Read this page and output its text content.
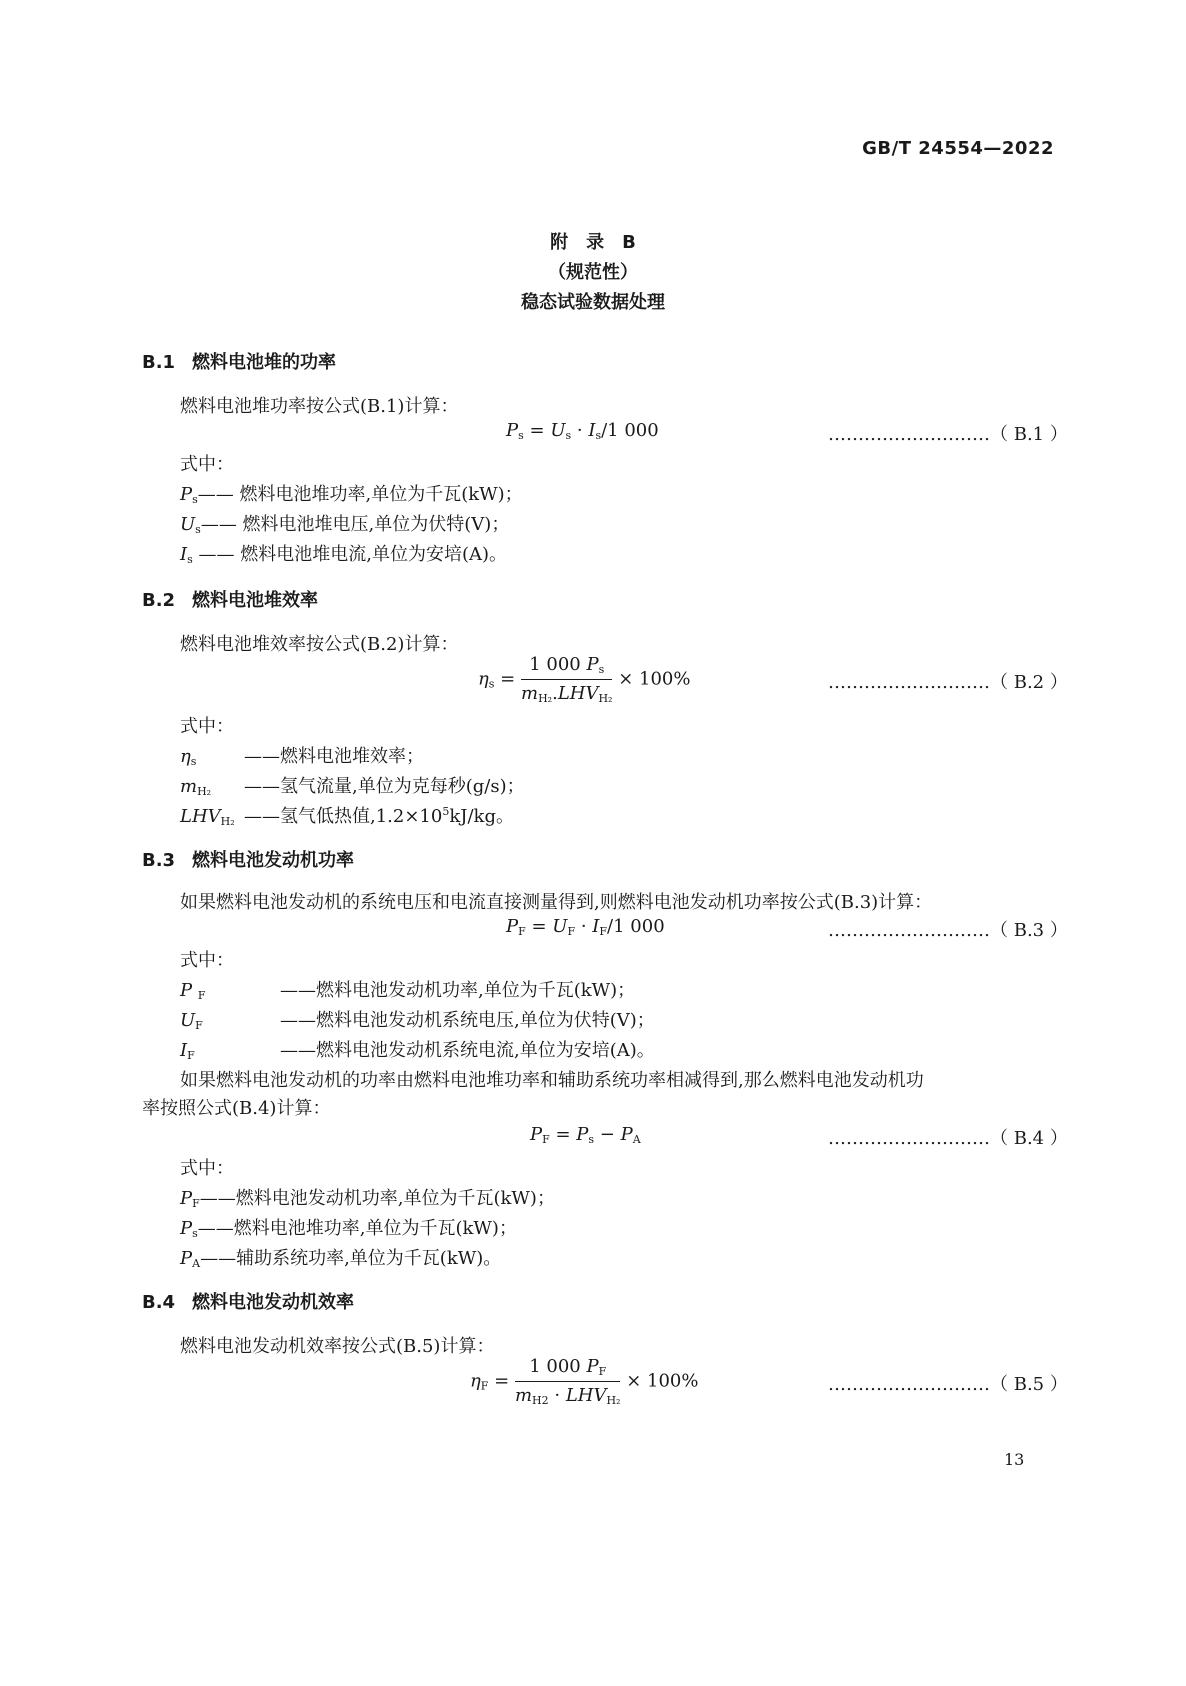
GB/T 24554—2022
附　录　B
（规范性）
稳态试验数据处理
B.1 燃料电池堆的功率
燃料电池堆功率按公式(B.1)计算：
$P_s = U_s \cdot I_s/1$ 000	………………………（ B.1 ）
式中：
$P_s——$ 燃料电池堆功率,单位为千瓦(kW)；
$U_s——$ 燃料电池堆电压,单位为伏特(V)；
$I_s$ —— 燃料电池堆电流,单位为安培(A)。
B.2 燃料电池堆效率
燃料电池堆效率按公式(B.2)计算：
$\eta_s = \frac{1 000 P_s}{m_{H_2}.LHV_{H_2}} \times 100\%$	………………………（ B.2 ）
式中：
$\eta_s$	——燃料电池堆效率；
$m_{H_2}$ ——氢气流量,单位为克每秒(g/s)；
$LHV_{H_2}$ ——氢气低热值$,1.2\times 10^5kJ/kg$。
B.3 燃料电池发动机功率
如果燃料电池发动机的系统电压和电流直接测量得到,则燃料电池发动机功率按公式(B.3)计算：
$P_F = U_F \cdot I_F/1$ 000	………………………（ B.3 ）
式中：
P $_F$	——燃料电池发动机功率,单位为千瓦(kW)；
$U_F$	——燃料电池发动机系统电压,单位为伏特(V)；
$I_F$	——燃料电池发动机系统电流,单位为安培(A)。
如果燃料电池发动机的功率由燃料电池堆功率和辅助系统功率相减得到,那么燃料电池发动机功
率按照公式(B.4)计算：
$P_F = P_s - P_A$	………………………（ B.4 ）
式中：
$P_F——$燃料电池发动机功率,单位为千瓦(kW)；
$P_s——$燃料电池堆功率,单位为千瓦(kW)；
$P_A——$辅助系统功率,单位为千瓦(kW)。
B.4 燃料电池发动机效率
燃料电池发动机效率按公式(B.5)计算：
$\eta_F = \frac{1 000 P_F}{m_{H2} \cdot LHV_{H_2}} \times 100\%$	………………………（ B.5 ）
13
